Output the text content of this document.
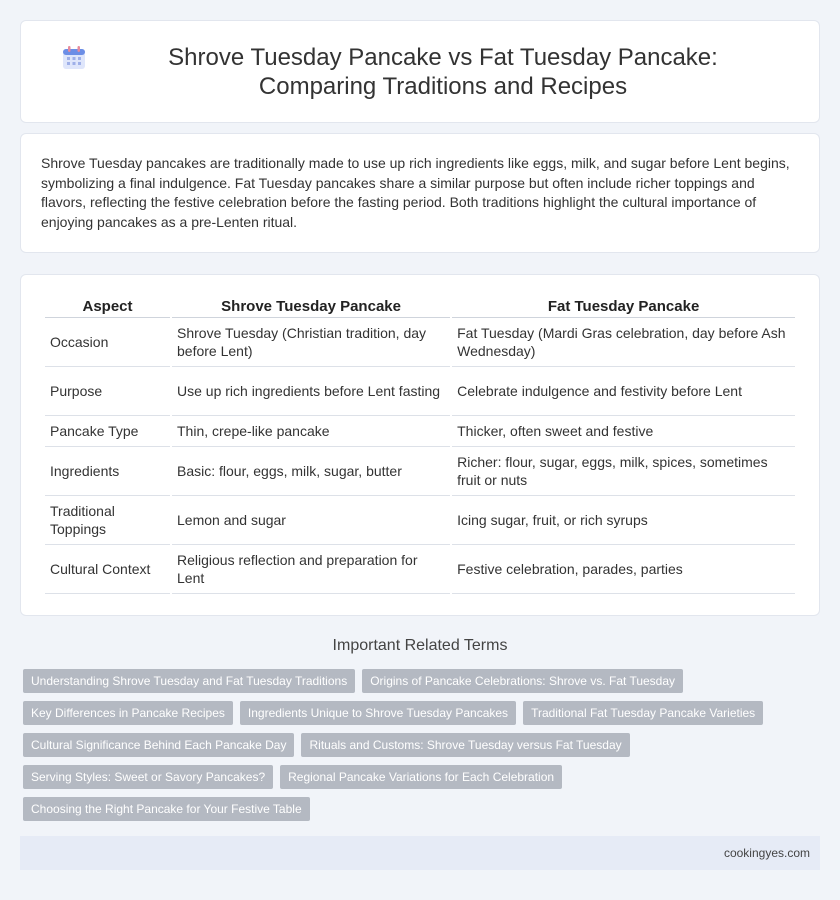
Shrove Tuesday Pancake vs Fat Tuesday Pancake: Comparing Traditions and Recipes

Shrove Tuesday pancakes are traditionally made to use up rich ingredients like eggs, milk, and sugar before Lent begins, symbolizing a final indulgence. Fat Tuesday pancakes share a similar purpose but often include richer toppings and flavors, reflecting the festive celebration before the fasting period. Both traditions highlight the cultural importance of enjoying pancakes as a pre-Lenten ritual.

Aspect	Shrove Tuesday Pancake	Fat Tuesday Pancake
Occasion	Shrove Tuesday (Christian tradition, day before Lent)	Fat Tuesday (Mardi Gras celebration, day before Ash Wednesday)
Purpose	Use up rich ingredients before Lent fasting	Celebrate indulgence and festivity before Lent
Pancake Type	Thin, crepe-like pancake	Thicker, often sweet and festive
Ingredients	Basic: flour, eggs, milk, sugar, butter	Richer: flour, sugar, eggs, milk, spices, sometimes fruit or nuts
Traditional Toppings	Lemon and sugar	Icing sugar, fruit, or rich syrups
Cultural Context	Religious reflection and preparation for Lent	Festive celebration, parades, parties
Important Related Terms
Understanding Shrove Tuesday and Fat Tuesday Traditions	Origins of Pancake Celebrations: Shrove vs. Fat Tuesday
Key Differences in Pancake Recipes	Ingredients Unique to Shrove Tuesday Pancakes	Traditional Fat Tuesday Pancake Varieties
Cultural Significance Behind Each Pancake Day	Rituals and Customs: Shrove Tuesday versus Fat Tuesday
Serving Styles: Sweet or Savory Pancakes?	Regional Pancake Variations for Each Celebration
Choosing the Right Pancake for Your Festive Table
cookingyes.com
